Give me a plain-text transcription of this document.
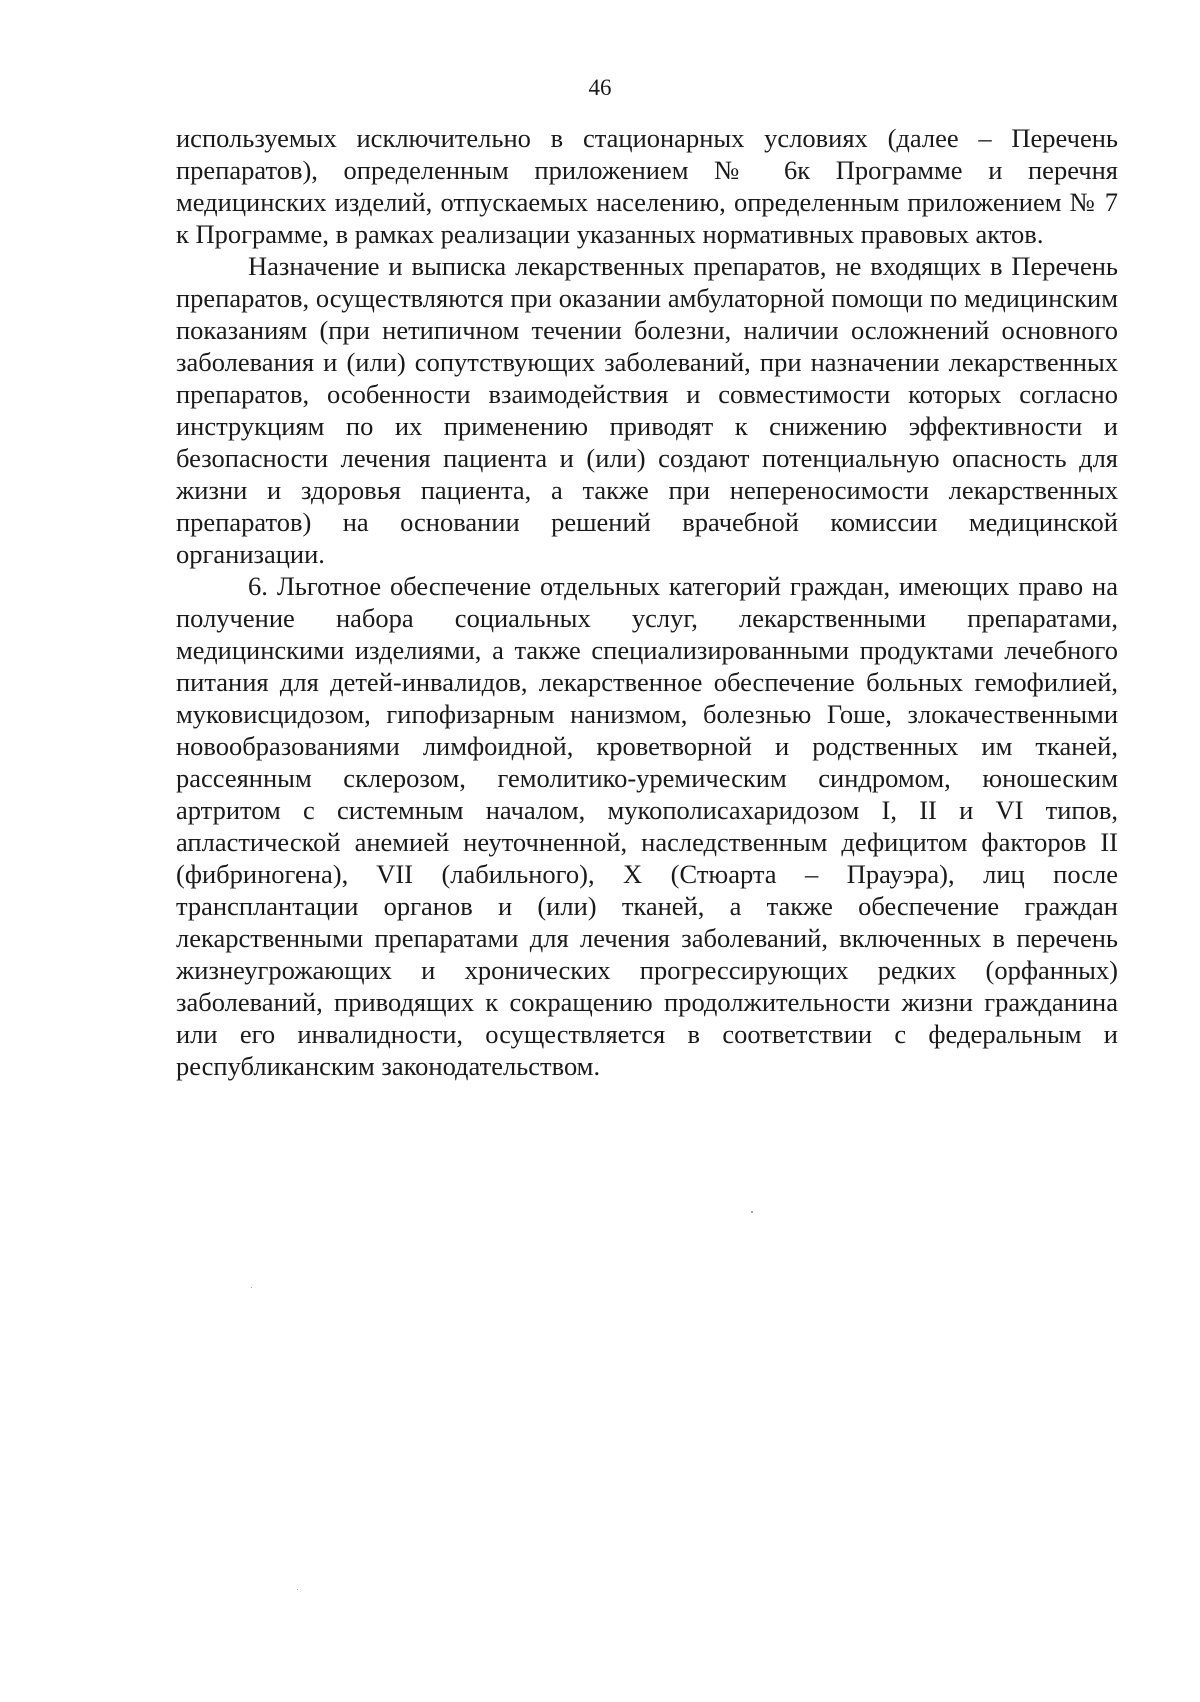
46

используемых исключительно в стационарных условиях (далее – Перечень препаратов), определенным приложением № 6к Программе и перечня медицинских изделий, отпускаемых населению, определенным приложением № 7 к Программе, в рамках реализации указанных нормативных правовых актов.

Назначение и выписка лекарственных препаратов, не входящих в Перечень препаратов, осуществляются при оказании амбулаторной помощи по медицинским показаниям (при нетипичном течении болезни, наличии осложнений основного заболевания и (или) сопутствующих заболеваний, при назначении лекарственных препаратов, особенности взаимодействия и совместимости которых согласно инструкциям по их применению приводят к снижению эффективности и безопасности лечения пациента и (или) создают потенциальную опасность для жизни и здоровья пациента, а также при непереносимости лекарственных препаратов) на основании решений врачебной комиссии медицинской организации.

6. Льготное обеспечение отдельных категорий граждан, имеющих право на получение набора социальных услуг, лекарственными препаратами, медицинскими изделиями, а также специализированными продуктами лечебного питания для детей-инвалидов, лекарственное обеспечение больных гемофилией, муковисцидозом, гипофизарным нанизмом, болезнью Гоше, злокачественными новообразованиями лимфоидной, кроветворной и родственных им тканей, рассеянным склерозом, гемолитико-уремическим синдромом, юношеским артритом с системным началом, мукополисахаридозом I, II и VI типов, апластической анемией неуточненной, наследственным дефицитом факторов II (фибриногена), VII (лабильного), X (Стюарта – Прауэра), лиц после трансплантации органов и (или) тканей, а также обеспечение граждан лекарственными препаратами для лечения заболеваний, включенных в перечень жизнеугрожающих и хронических прогрессирующих редких (орфанных) заболеваний, приводящих к сокращению продолжительности жизни гражданина или его инвалидности, осуществляется в соответствии с федеральным и республиканским законодательством.
